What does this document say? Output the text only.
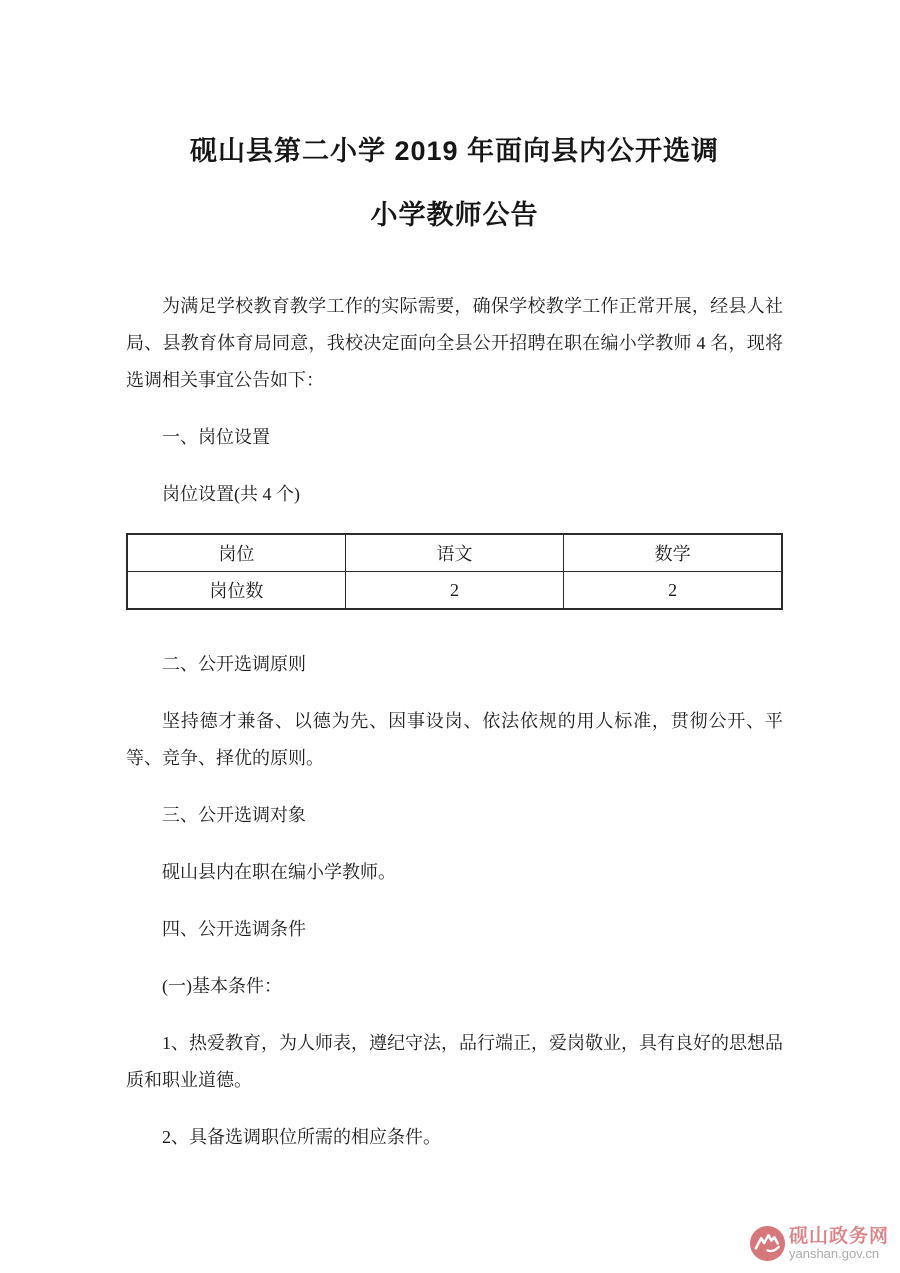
砚山县第二小学 2019 年面向县内公开选调
小学教师公告
为满足学校教育教学工作的实际需要，确保学校教学工作正常开展，经县人社局、县教育体育局同意，我校决定面向全县公开招聘在职在编小学教师 4 名，现将选调相关事宜公告如下：
一、岗位设置
岗位设置(共 4 个)
岗位	语文	数学
岗位数	2	2
二、公开选调原则
坚持德才兼备、以德为先、因事设岗、依法依规的用人标准，贯彻公开、平等、竞争、择优的原则。
三、公开选调对象
砚山县内在职在编小学教师。
四、公开选调条件
(一)基本条件：
1、热爱教育，为人师表，遵纪守法，品行端正，爱岗敬业，具有良好的思想品质和职业道德。
2、具备选调职位所需的相应条件。
砚山政务网
yanshan.gov.cn
